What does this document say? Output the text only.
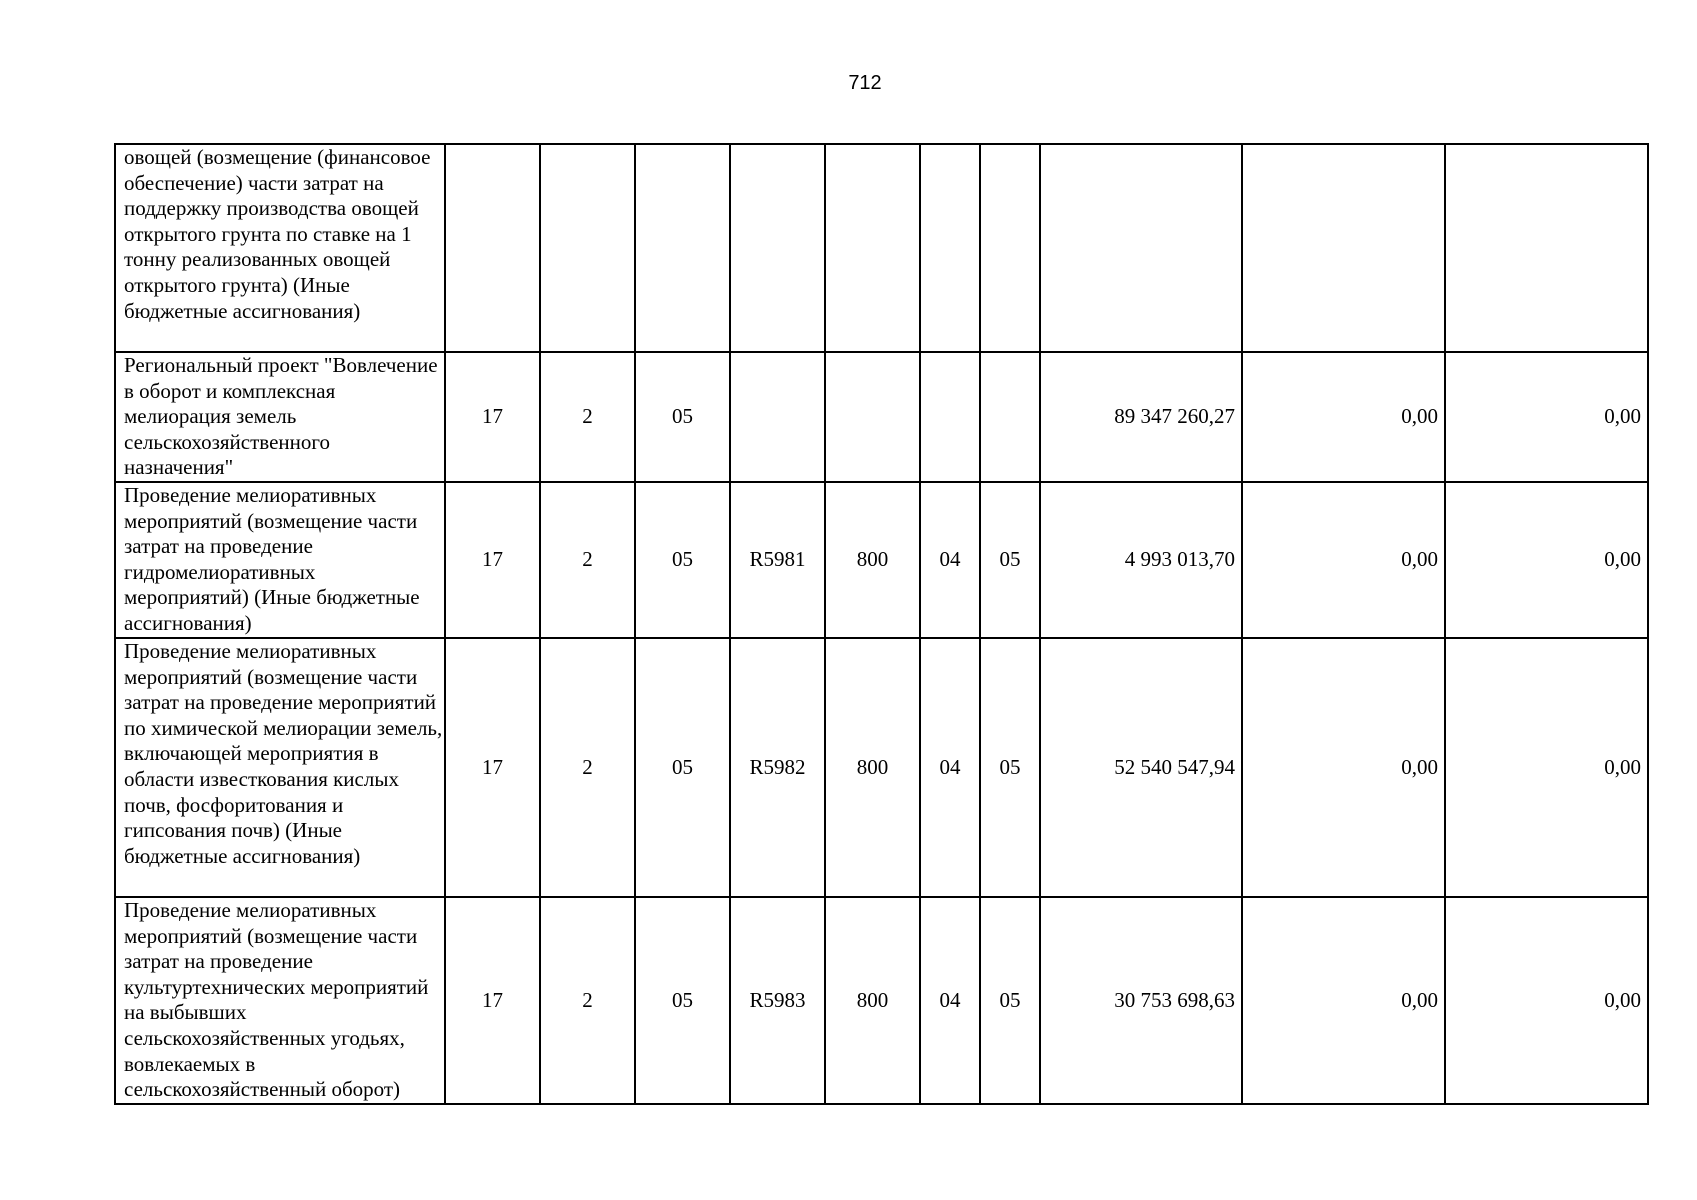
712
овощей (возмещение (финансовое обеспечение) части затрат на поддержку производства овощей открытого грунта по ставке на 1 тонну реализованных овощей открытого грунта) (Иные бюджетные ассигнования)										
Региональный проект "Вовлечение в оборот и комплексная мелиорация земель сельскохозяйственного назначения"	17	2	05					89 347 260,27	0,00	0,00
Проведение мелиоративных мероприятий (возмещение части затрат на проведение гидромелиоративных мероприятий) (Иные бюджетные ассигнования)	17	2	05	R5981	800	04	05	4 993 013,70	0,00	0,00
Проведение мелиоративных мероприятий (возмещение части затрат на проведение мероприятий по химической мелиорации земель, включающей мероприятия в области известкования кислых почв, фосфоритования и гипсования почв) (Иные бюджетные ассигнования)	17	2	05	R5982	800	04	05	52 540 547,94	0,00	0,00
Проведение мелиоративных мероприятий (возмещение части затрат на проведение культуртехнических мероприятий на выбывших сельскохозяйственных угодьях, вовлекаемых в сельскохозяйственный оборот)	17	2	05	R5983	800	04	05	30 753 698,63	0,00	0,00
